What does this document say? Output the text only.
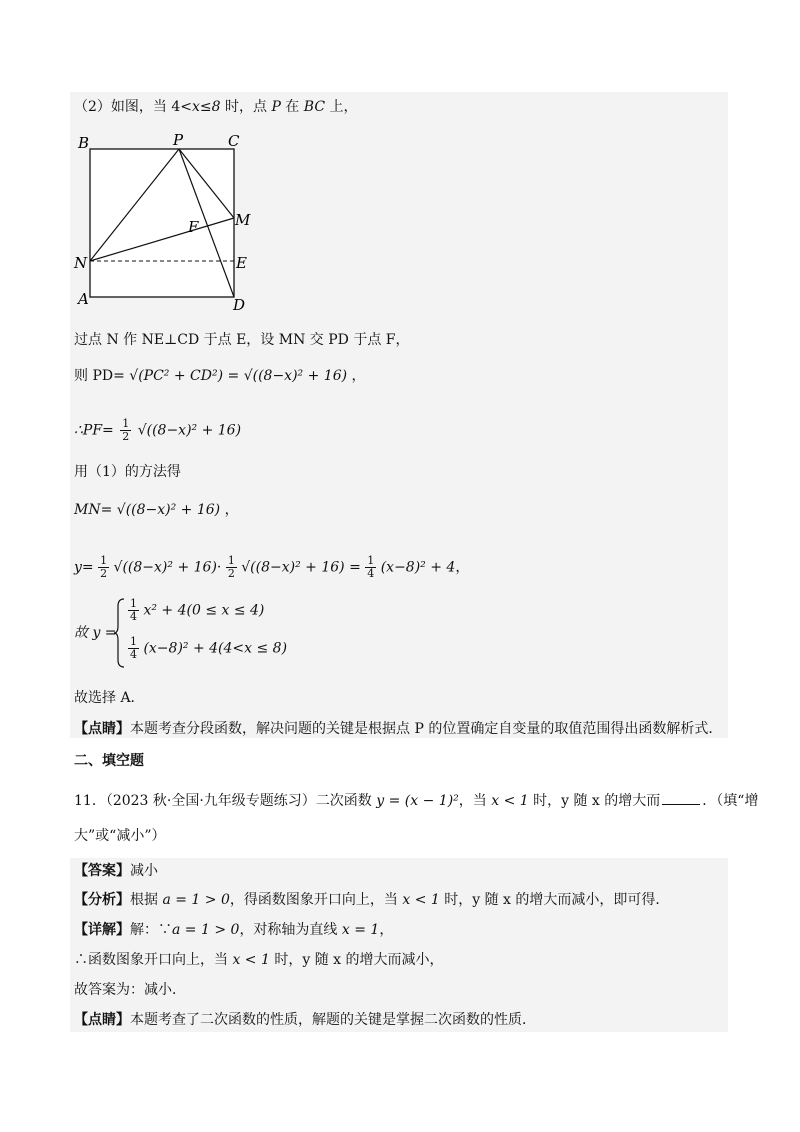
（2）如图，当 4<x≤8 时，点 P 在 BC 上，
B	P	C
M
F
N	E
A	D
过点 N 作 NE⊥CD 于点 E，设 MN 交 PD 于点 F，
则 PD= √(PC² + CD²) = √((8−x)² + 16) ，
∴PF= $\frac{1}{2} √((8-x)^2 + 16)$
用（1）的方法得
MN= √((8−x)² + 16) ，
$y= \frac{1}{2} √((8-x)^2 + 16)\cdot \frac{1}{2} √((8-x)^2 + 16) = \frac{1}{4} (x-8)^2 + 4$，
故 y =
$\frac{1}{4} x^2 + 4(0 \le x \le 4)$
$\frac{1}{4} (x-8)^2 + 4(4<x \le 8)$
故选择 A．
【点睛】本题考查分段函数，解决问题的关键是根据点 P 的位置确定自变量的取值范围得出函数解析式．
二、填空题
11．（2023 秋·全国·九年级专题练习）二次函数 y = (x − 1)²，当 x < 1 时，y 随 x 的增大而	．（填“增
大”或“减小”）
【答案】减小
【分析】根据 a = 1 > 0，得函数图象开口向上，当 x < 1 时，y 随 x 的增大而减小，即可得．
【详解】解：∵a = 1 > 0，对称轴为直线 x = 1，
∴函数图象开口向上，当 x < 1 时，y 随 x 的增大而减小，
故答案为：减小．
【点睛】本题考查了二次函数的性质，解题的关键是掌握二次函数的性质．
